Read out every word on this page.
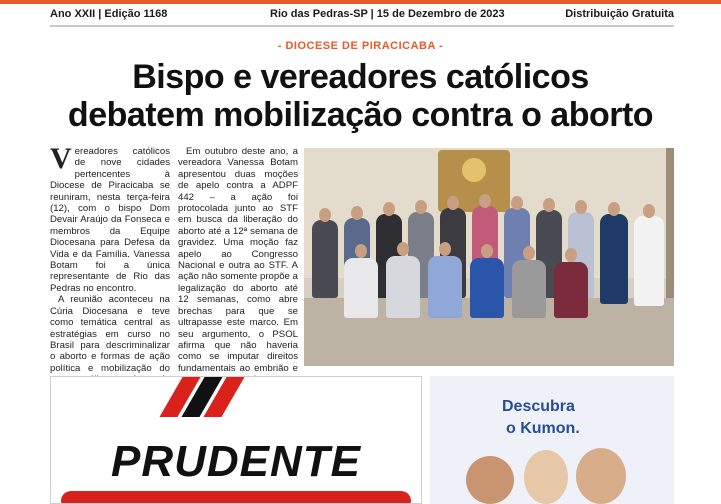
Ano XXII | Edição 1168	Rio das Pedras-SP | 15 de Dezembro de 2023	Distribuição Gratuita
- DIOCESE DE PIRACICABA -
Bispo e vereadores católicos
debatem mobilização contra o aborto
V ereadores católicos de nove cidades pertencentes à Diocese de Piracicaba se reuniram, nesta terça-feira (12), com o bispo Dom Devair Araújo da Fonseca e membros da Equipe Diocesana para Defesa da Vida e da Família. Vanessa Botam foi a única representante de Rio das Pedras no encontro.

A reunião aconteceu na Cúria Diocesana e teve como temática central as estratégias em curso no Brasil para descriminalizar o aborto e formas de ação política e mobilização do

Em outubro deste ano, a vereadora Vanessa Botam apresentou duas moções de apelo contra a ADPF 442 – a ação foi protocolada junto ao STF em busca da liberação do aborto até a 12ª semana de gravidez. Uma moção faz apelo ao Congresso Nacional e outra ao STF. A ação não somente propõe a legalização do aborto até 12 semanas, como abre brechas para que se ultrapasse este marco. Em seu argumento, o PSOL afirma que não haveria como se imputar direitos fundamentais ao embrião e

PRUDENTE
Descubra
o Kumon.
